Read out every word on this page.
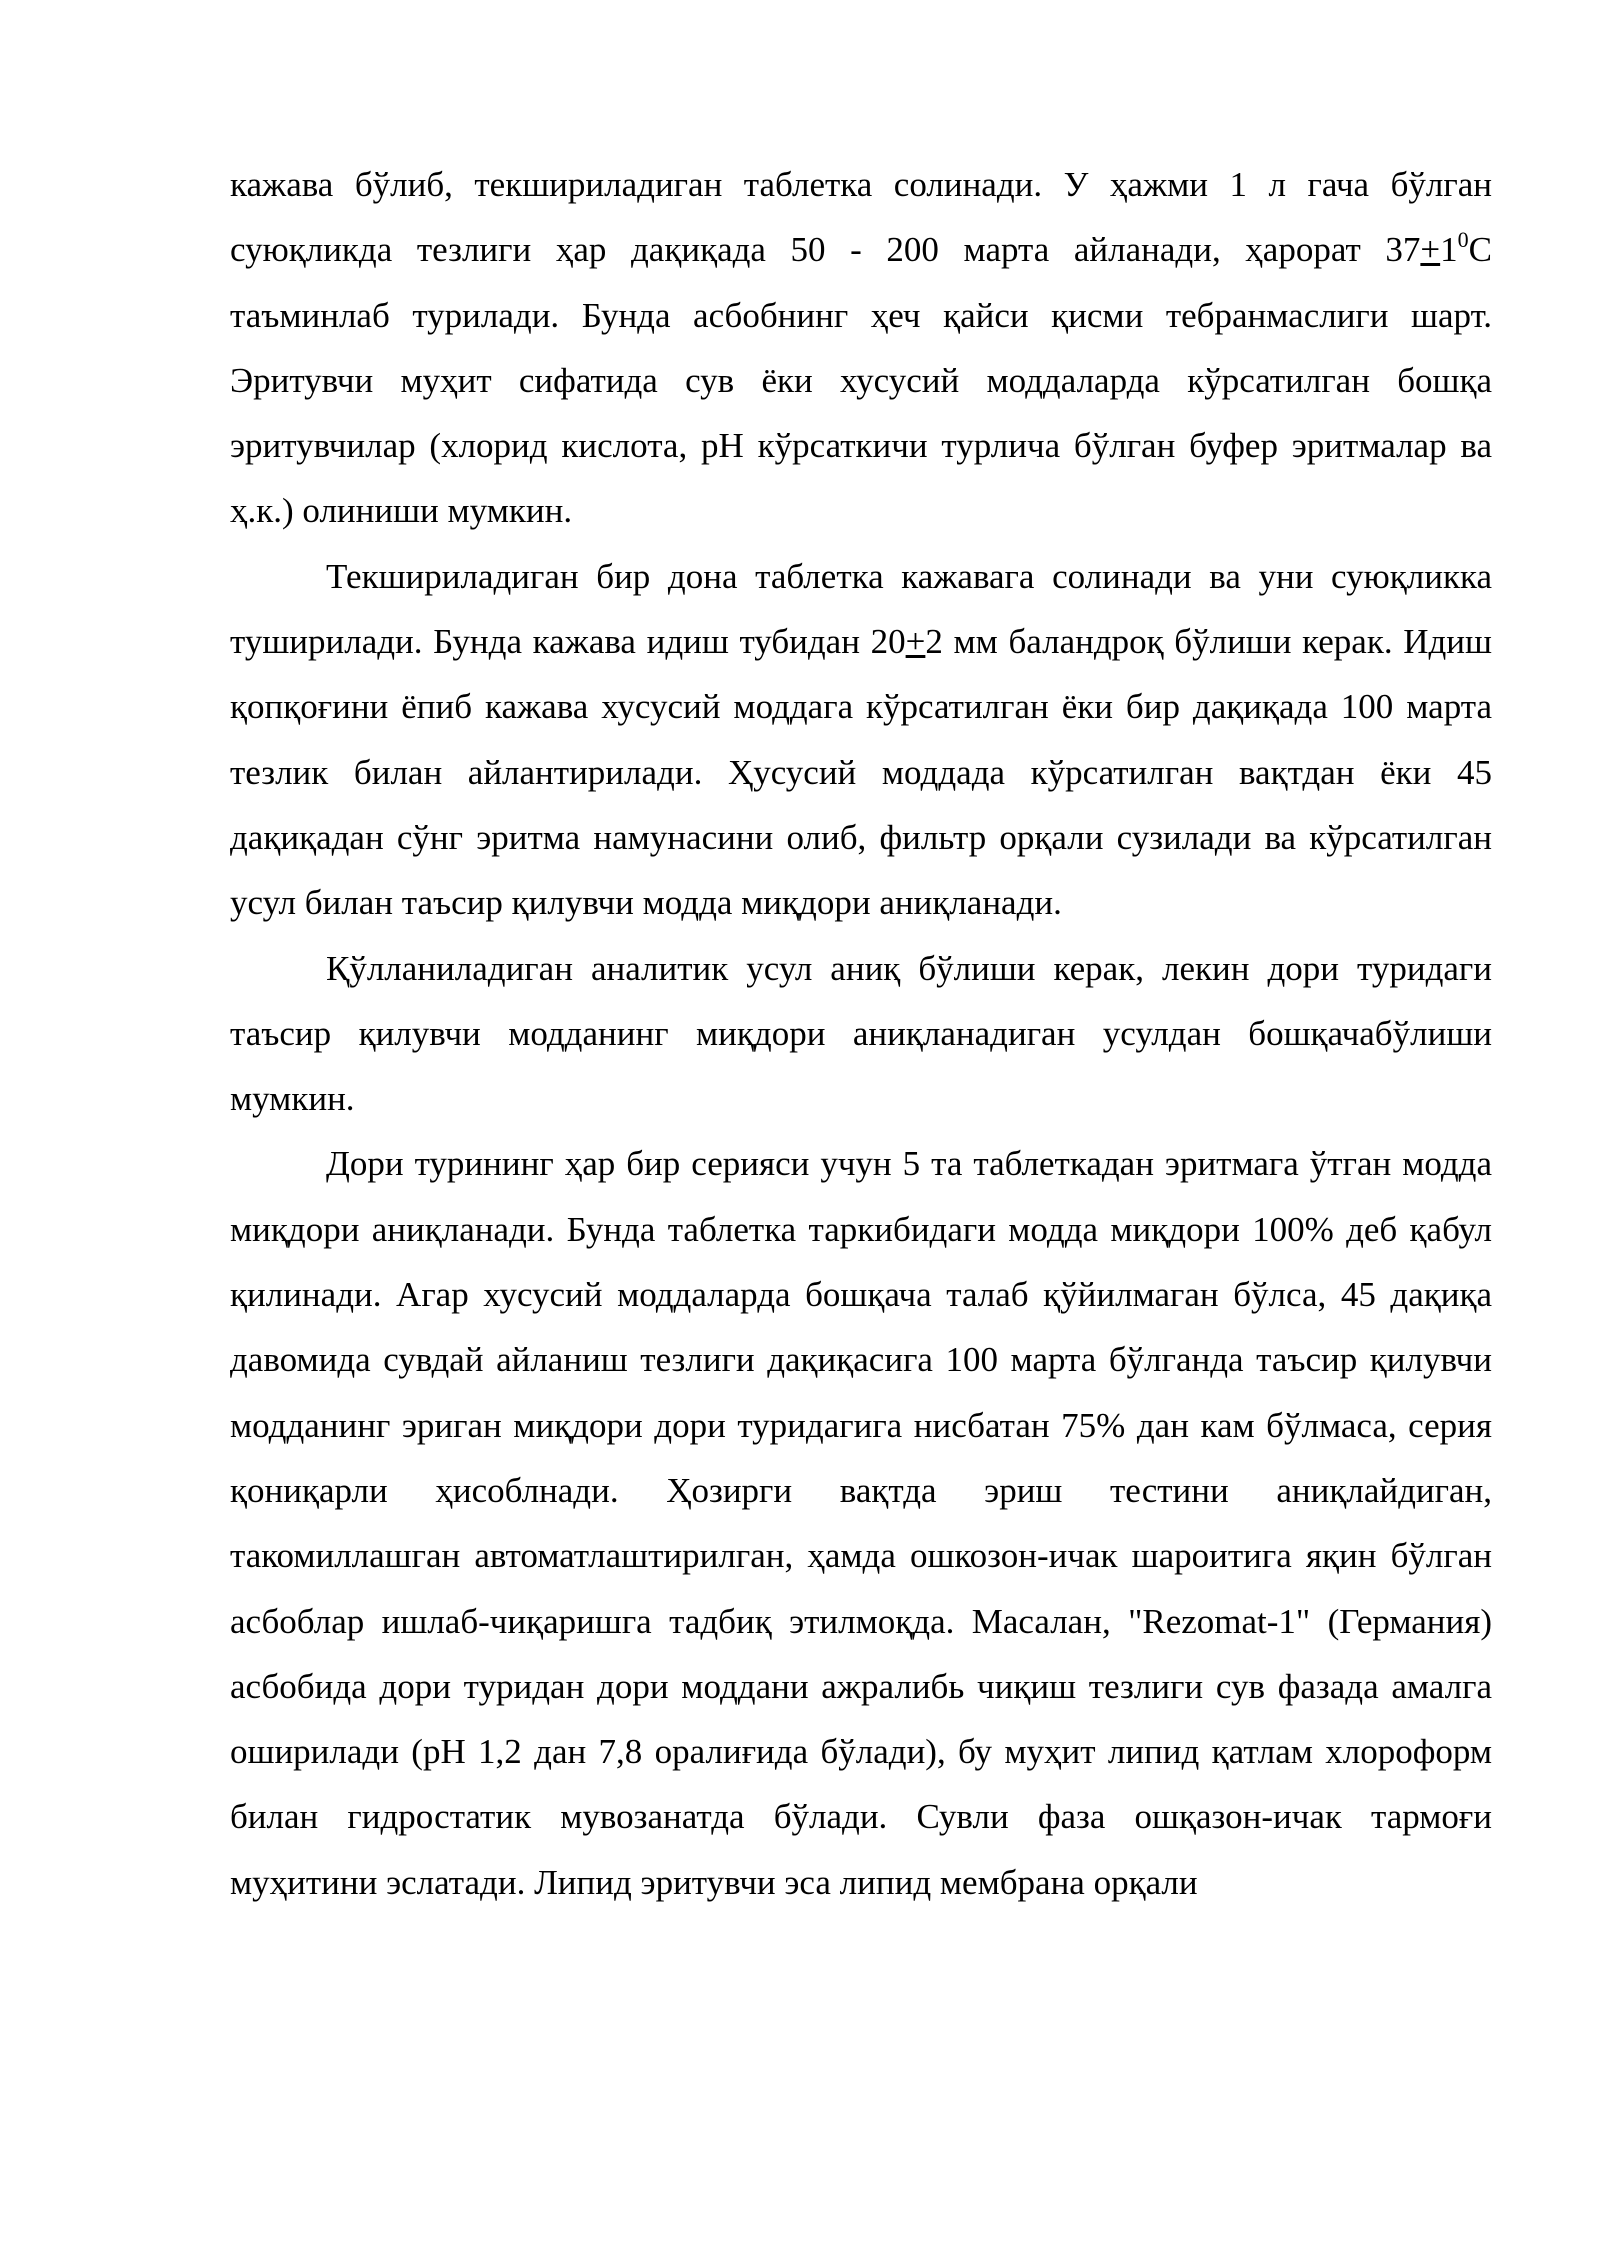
кажава бўлиб, текшириладиган таблетка солинади. У ҳажми 1 л гача бўлган суюқликда тезлиги ҳар дақиқада 50 - 200 марта айланади, ҳарорат $37+1^0С$ таъминлаб турилади. Бунда асбобнинг ҳеч қайси қисми тебранмаслиги шарт. Эритувчи муҳит сифатида сув ёки хусусий моддаларда кўрсатилган бошқа эритувчилар (хлорид кислота, рН кўрсаткичи турлича бўлган буфер эритмалар ва ҳ.к.) олиниши мумкин.

Текшириладиган бир дона таблетка кажавага солинади ва уни суюқликка туширилади. Бунда кажава идиш тубидан 20+2 мм баландроқ бўлиши керак. Идиш қопқоғини ёпиб кажава хусусий моддага кўрсатилган ёки бир дақиқада 100 марта тезлик билан айлантирилади. Ҳусусий моддада кўрсатилган вақтдан ёки 45 дақиқадан сўнг эритма намунасини олиб, фильтр орқали сузилади ва кўрсатилган усул билан таъсир қилувчи модда миқдори аниқланади.

Қўлланиладиган аналитик усул аниқ бўлиши керак, лекин дори туридаги таъсир қилувчи модданинг миқдори аниқланадиган усулдан бошқачабўлиши мумкин.

Дори турининг ҳар бир серияси учун 5 та таблеткадан эритмага ўтган модда миқдори аниқланади. Бунда таблетка таркибидаги модда миқдори 100% деб қабул қилинади. Агар хусусий моддаларда бошқача талаб қўйилмаган бўлса, 45 дақиқа давомида сувдай айланиш тезлиги дақиқасига 100 марта бўлганда таъсир қилувчи модданинг эриган миқдори дори туридагига нисбатан 75% дан кам бўлмаса, серия қониқарли ҳисоблнади. Ҳозирги вақтда эриш тестини аниқлайдиган, такомиллашган автоматлаштирилган, ҳамда ошкозон-ичак шароитига яқин бўлган асбоблар ишлаб-чиқаришга тадбиқ этилмоқда. Масалан, "Rezomat-1" (Германия) асбобида дори туридан дори моддани ажралибь чиқиш тезлиги сув фазада амалга оширилади (рН 1,2 дан 7,8 оралиғида бўлади), бу муҳит липид қатлам хлороформ билан гидростатик мувозанатда бўлади. Сувли фаза ошқазон-ичак тармоғи муҳитини эслатади. Липид эритувчи эса липид мембрана орқали
